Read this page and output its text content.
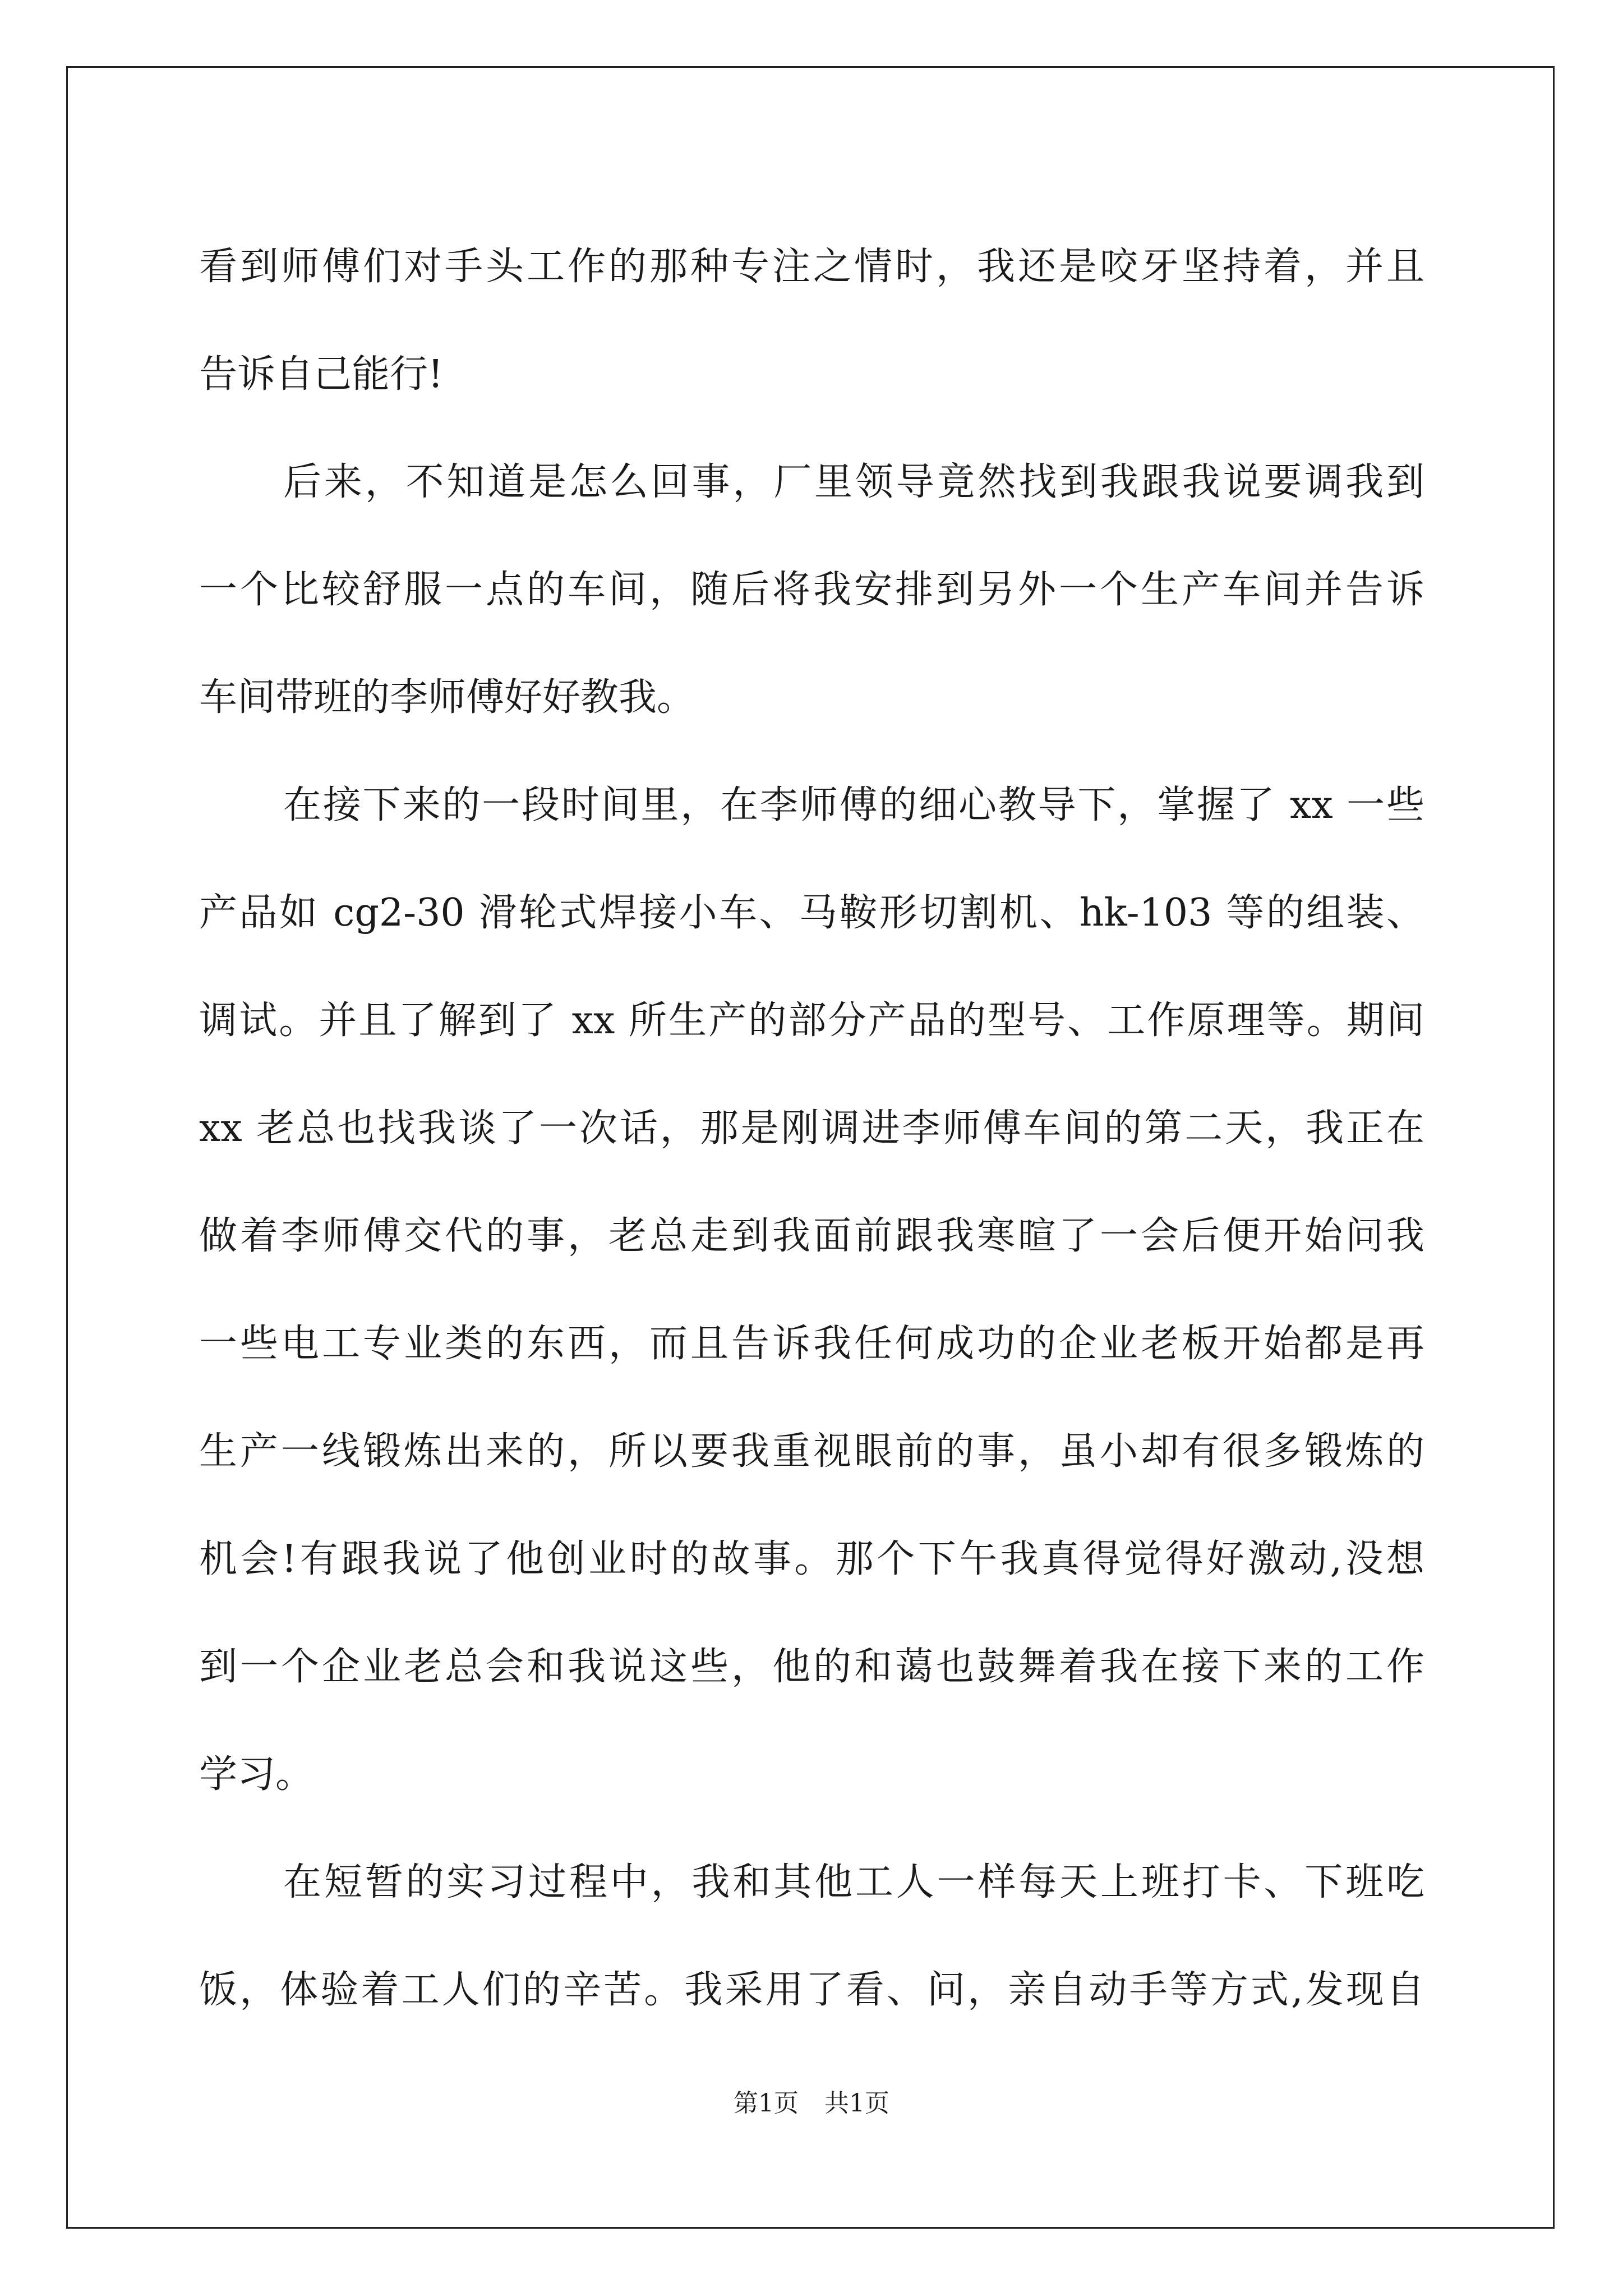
看到师傅们对手头工作的那种专注之情时，我还是咬牙坚持着，并且
告诉自己能行!
后来，不知道是怎么回事，厂里领导竟然找到我跟我说要调我到
一个比较舒服一点的车间，随后将我安排到另外一个生产车间并告诉
车间带班的李师傅好好教我。
在接下来的一段时间里，在李师傅的细心教导下，掌握了 xx 一些
产品如 cg2-30 滑轮式焊接小车、马鞍形切割机、hk-103 等的组装、
调试。并且了解到了 xx 所生产的部分产品的型号、工作原理等。期间
xx 老总也找我谈了一次话，那是刚调进李师傅车间的第二天，我正在
做着李师傅交代的事，老总走到我面前跟我寒暄了一会后便开始问我
一些电工专业类的东西，而且告诉我任何成功的企业老板开始都是再
生产一线锻炼出来的，所以要我重视眼前的事，虽小却有很多锻炼的
机会!有跟我说了他创业时的故事。那个下午我真得觉得好激动,没想
到一个企业老总会和我说这些，他的和蔼也鼓舞着我在接下来的工作
学习。
在短暂的实习过程中，我和其他工人一样每天上班打卡、下班吃
饭，体验着工人们的辛苦。我采用了看、问，亲自动手等方式,发现自
第1页 共1页
